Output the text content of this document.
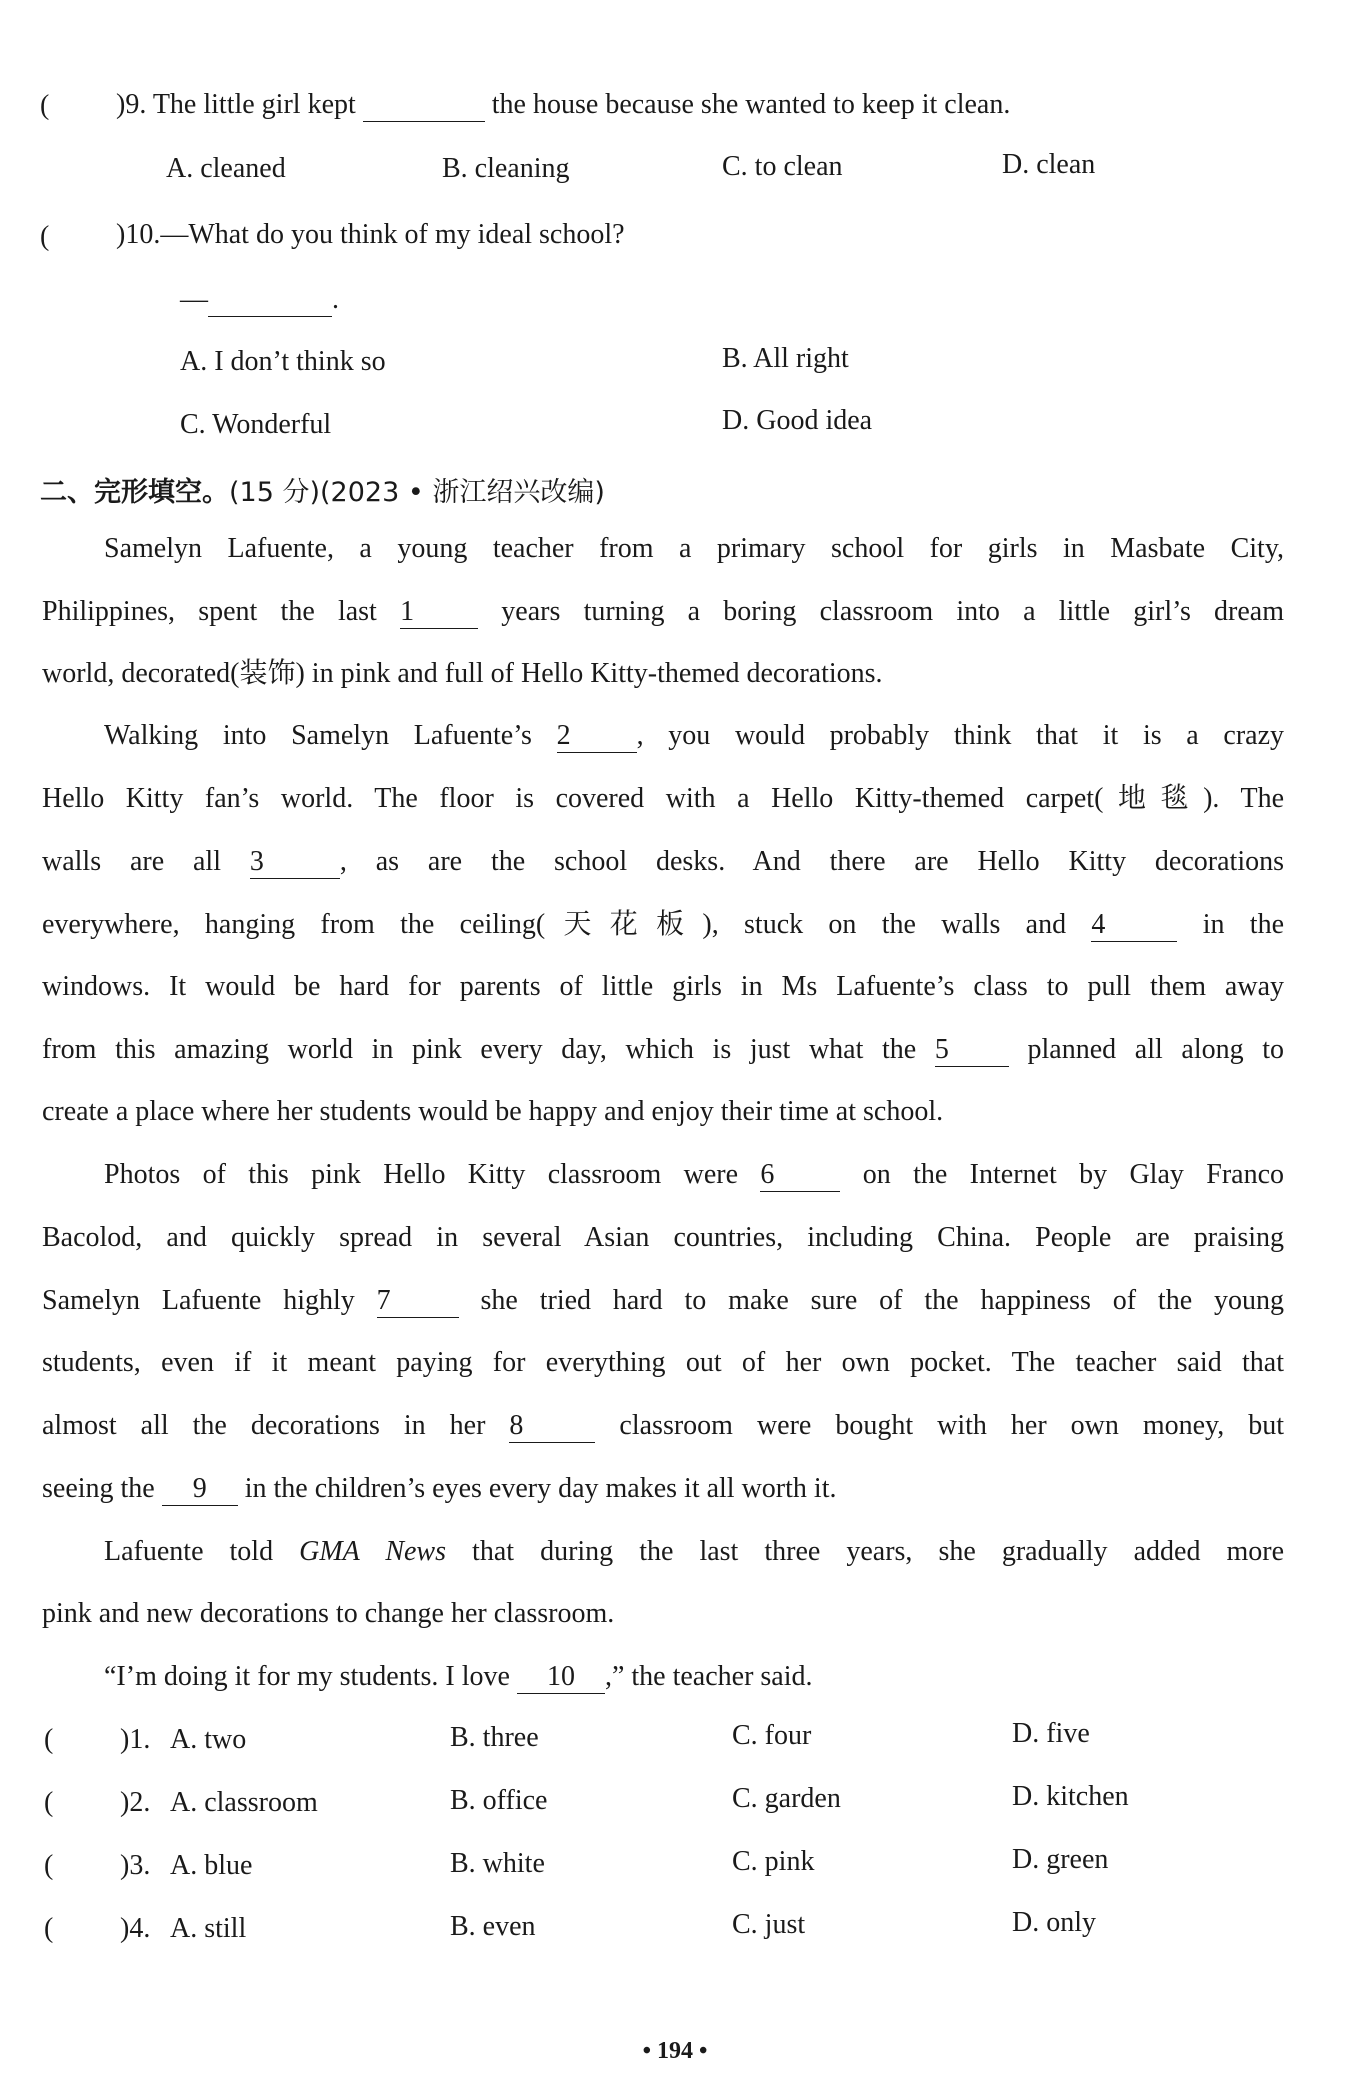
( )9. The little girl kept	the house because she wanted to keep it clean.
A. cleaned	B. cleaning	C. to clean	D. clean
( )10.—What do you think of my ideal school?
—	.
A. I don’t think so	B. All right
C. Wonderful	D. Good idea
二、完形填空。(15 分)(2023 • 浙江绍兴改编)
Samelyn Lafuente, a young teacher from a primary school for girls in Masbate City,
Philippines, spent the last 1	years turning a boring classroom into a little girl’s dream
world, decorated(装饰) in pink and full of Hello Kitty-themed decorations.
Walking into Samelyn Lafuente’s 2 , you would probably think that it is a crazy
Hello Kitty fan’s world. The floor is covered with a Hello Kitty-themed carpet(地毯). The
walls are all 3	, as are the school desks. And there are Hello Kitty decorations
everywhere, hanging from the ceiling(天花板), stuck on the walls and 4	in the
windows. It would be hard for parents of little girls in Ms Lafuente’s class to pull them away
from this amazing world in pink every day, which is just what the 5	planned all along to
create a place where her students would be happy and enjoy their time at school.
Photos of this pink Hello Kitty classroom were 6	on the Internet by Glay Franco
Bacolod, and quickly spread in several Asian countries, including China. People are praising
Samelyn Lafuente highly 7	she tried hard to make sure of the happiness of the young
students, even if it meant paying for everything out of her own pocket. The teacher said that
almost all the decorations in her 8	classroom were bought with her own money, but
seeing the 9 in the children’s eyes every day makes it all worth it.
Lafuente told GMA News that during the last three years, she gradually added more
pink and new decorations to change her classroom.
“I’m doing it for my students. I love 10 ,” the teacher said.
( )1. A. two	B. three	C. four	D. five
( )2. A. classroom	B. office	C. garden	D. kitchen
( )3. A. blue	B. white	C. pink	D. green
( )4. A. still	B. even	C. just	D. only
• 194 •
